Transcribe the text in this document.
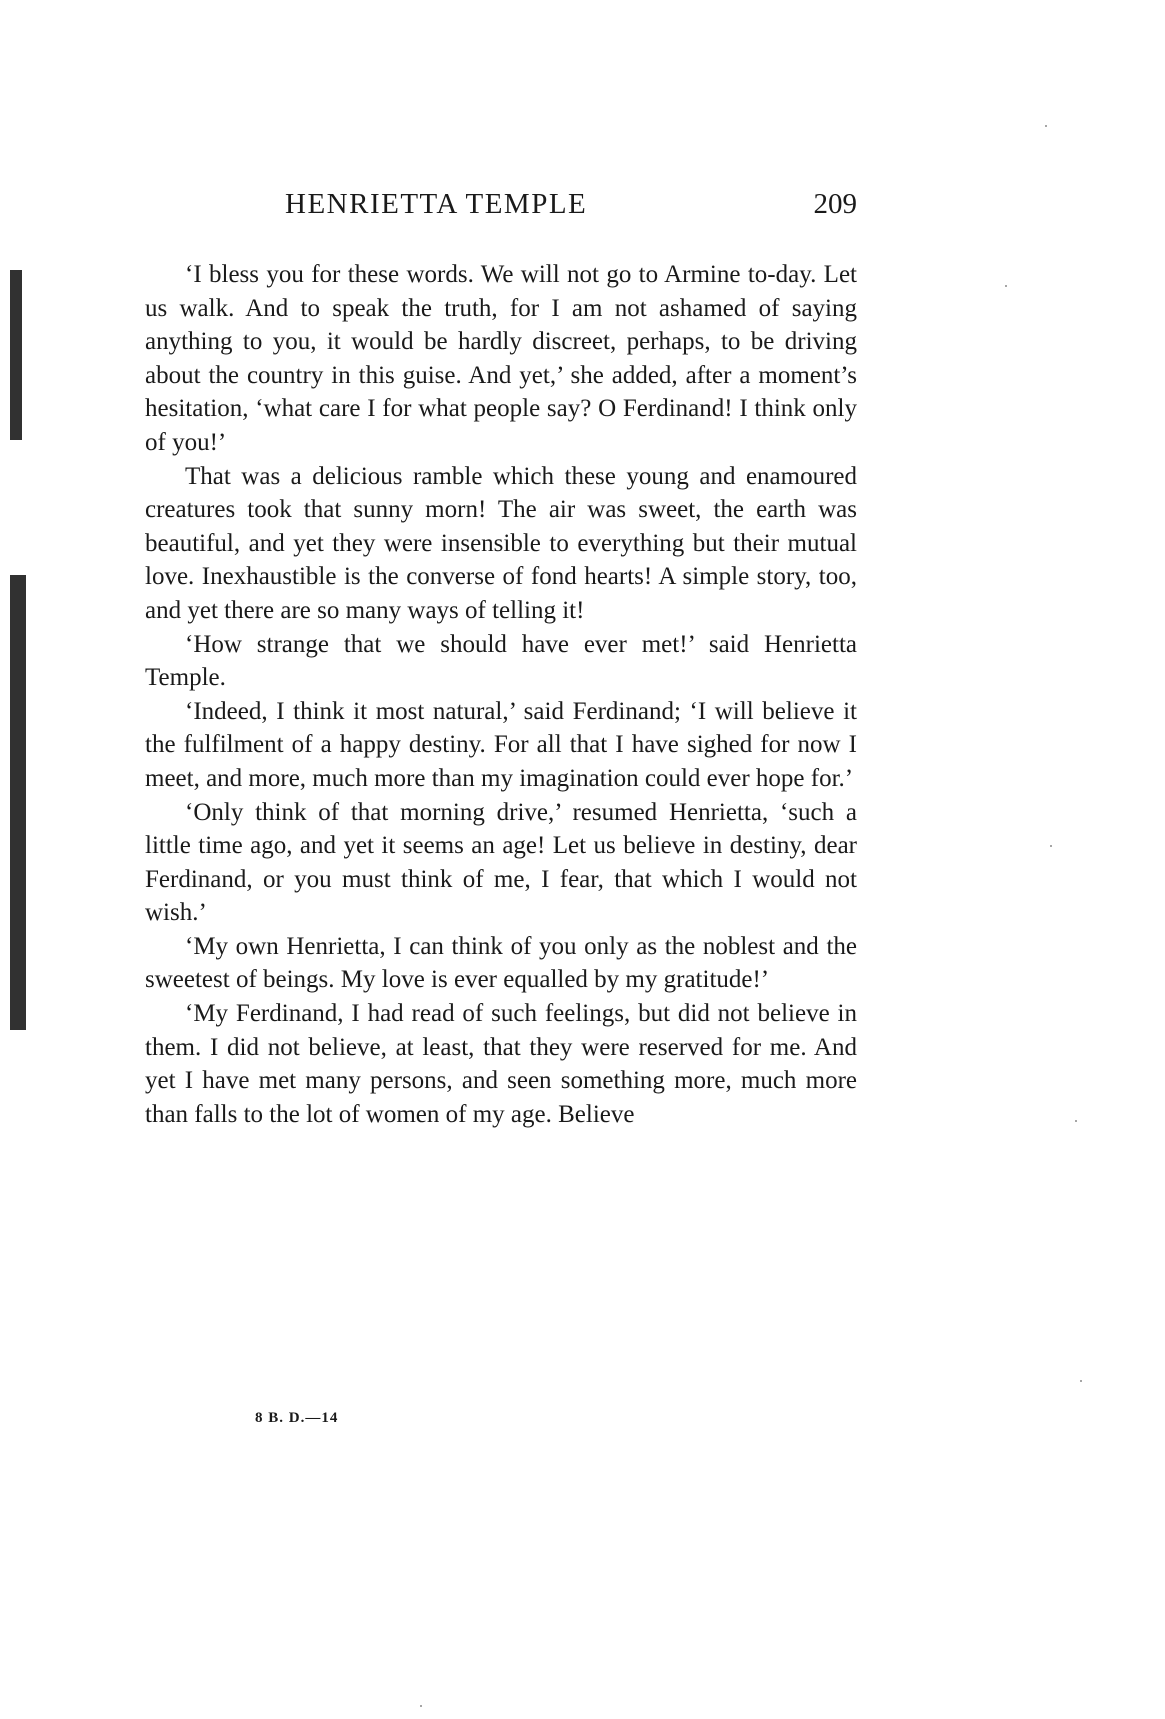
HENRIETTA TEMPLE	209

‘I bless you for these words. We will not go to Armine to-day. Let us walk. And to speak the truth, for I am not ashamed of saying anything to you, it would be hardly discreet, perhaps, to be driving about the country in this guise. And yet,’ she added, after a moment’s hesitation, ‘what care I for what people say? O Ferdinand! I think only of you!’

That was a delicious ramble which these young and enamoured creatures took that sunny morn! The air was sweet, the earth was beautiful, and yet they were insensible to everything but their mutual love. Inexhaustible is the converse of fond hearts! A simple story, too, and yet there are so many ways of telling it!

‘How strange that we should have ever met!’ said Henrietta Temple.

‘Indeed, I think it most natural,’ said Ferdinand; ‘I will believe it the fulfilment of a happy destiny. For all that I have sighed for now I meet, and more, much more than my imagination could ever hope for.’

‘Only think of that morning drive,’ resumed Henrietta, ‘such a little time ago, and yet it seems an age! Let us believe in destiny, dear Ferdinand, or you must think of me, I fear, that which I would not wish.’

‘My own Henrietta, I can think of you only as the noblest and the sweetest of beings. My love is ever equalled by my gratitude!’

‘My Ferdinand, I had read of such feelings, but did not believe in them. I did not believe, at least, that they were reserved for me. And yet I have met many persons, and seen something more, much more than falls to the lot of women of my age. Believe

8 B. D.—14
